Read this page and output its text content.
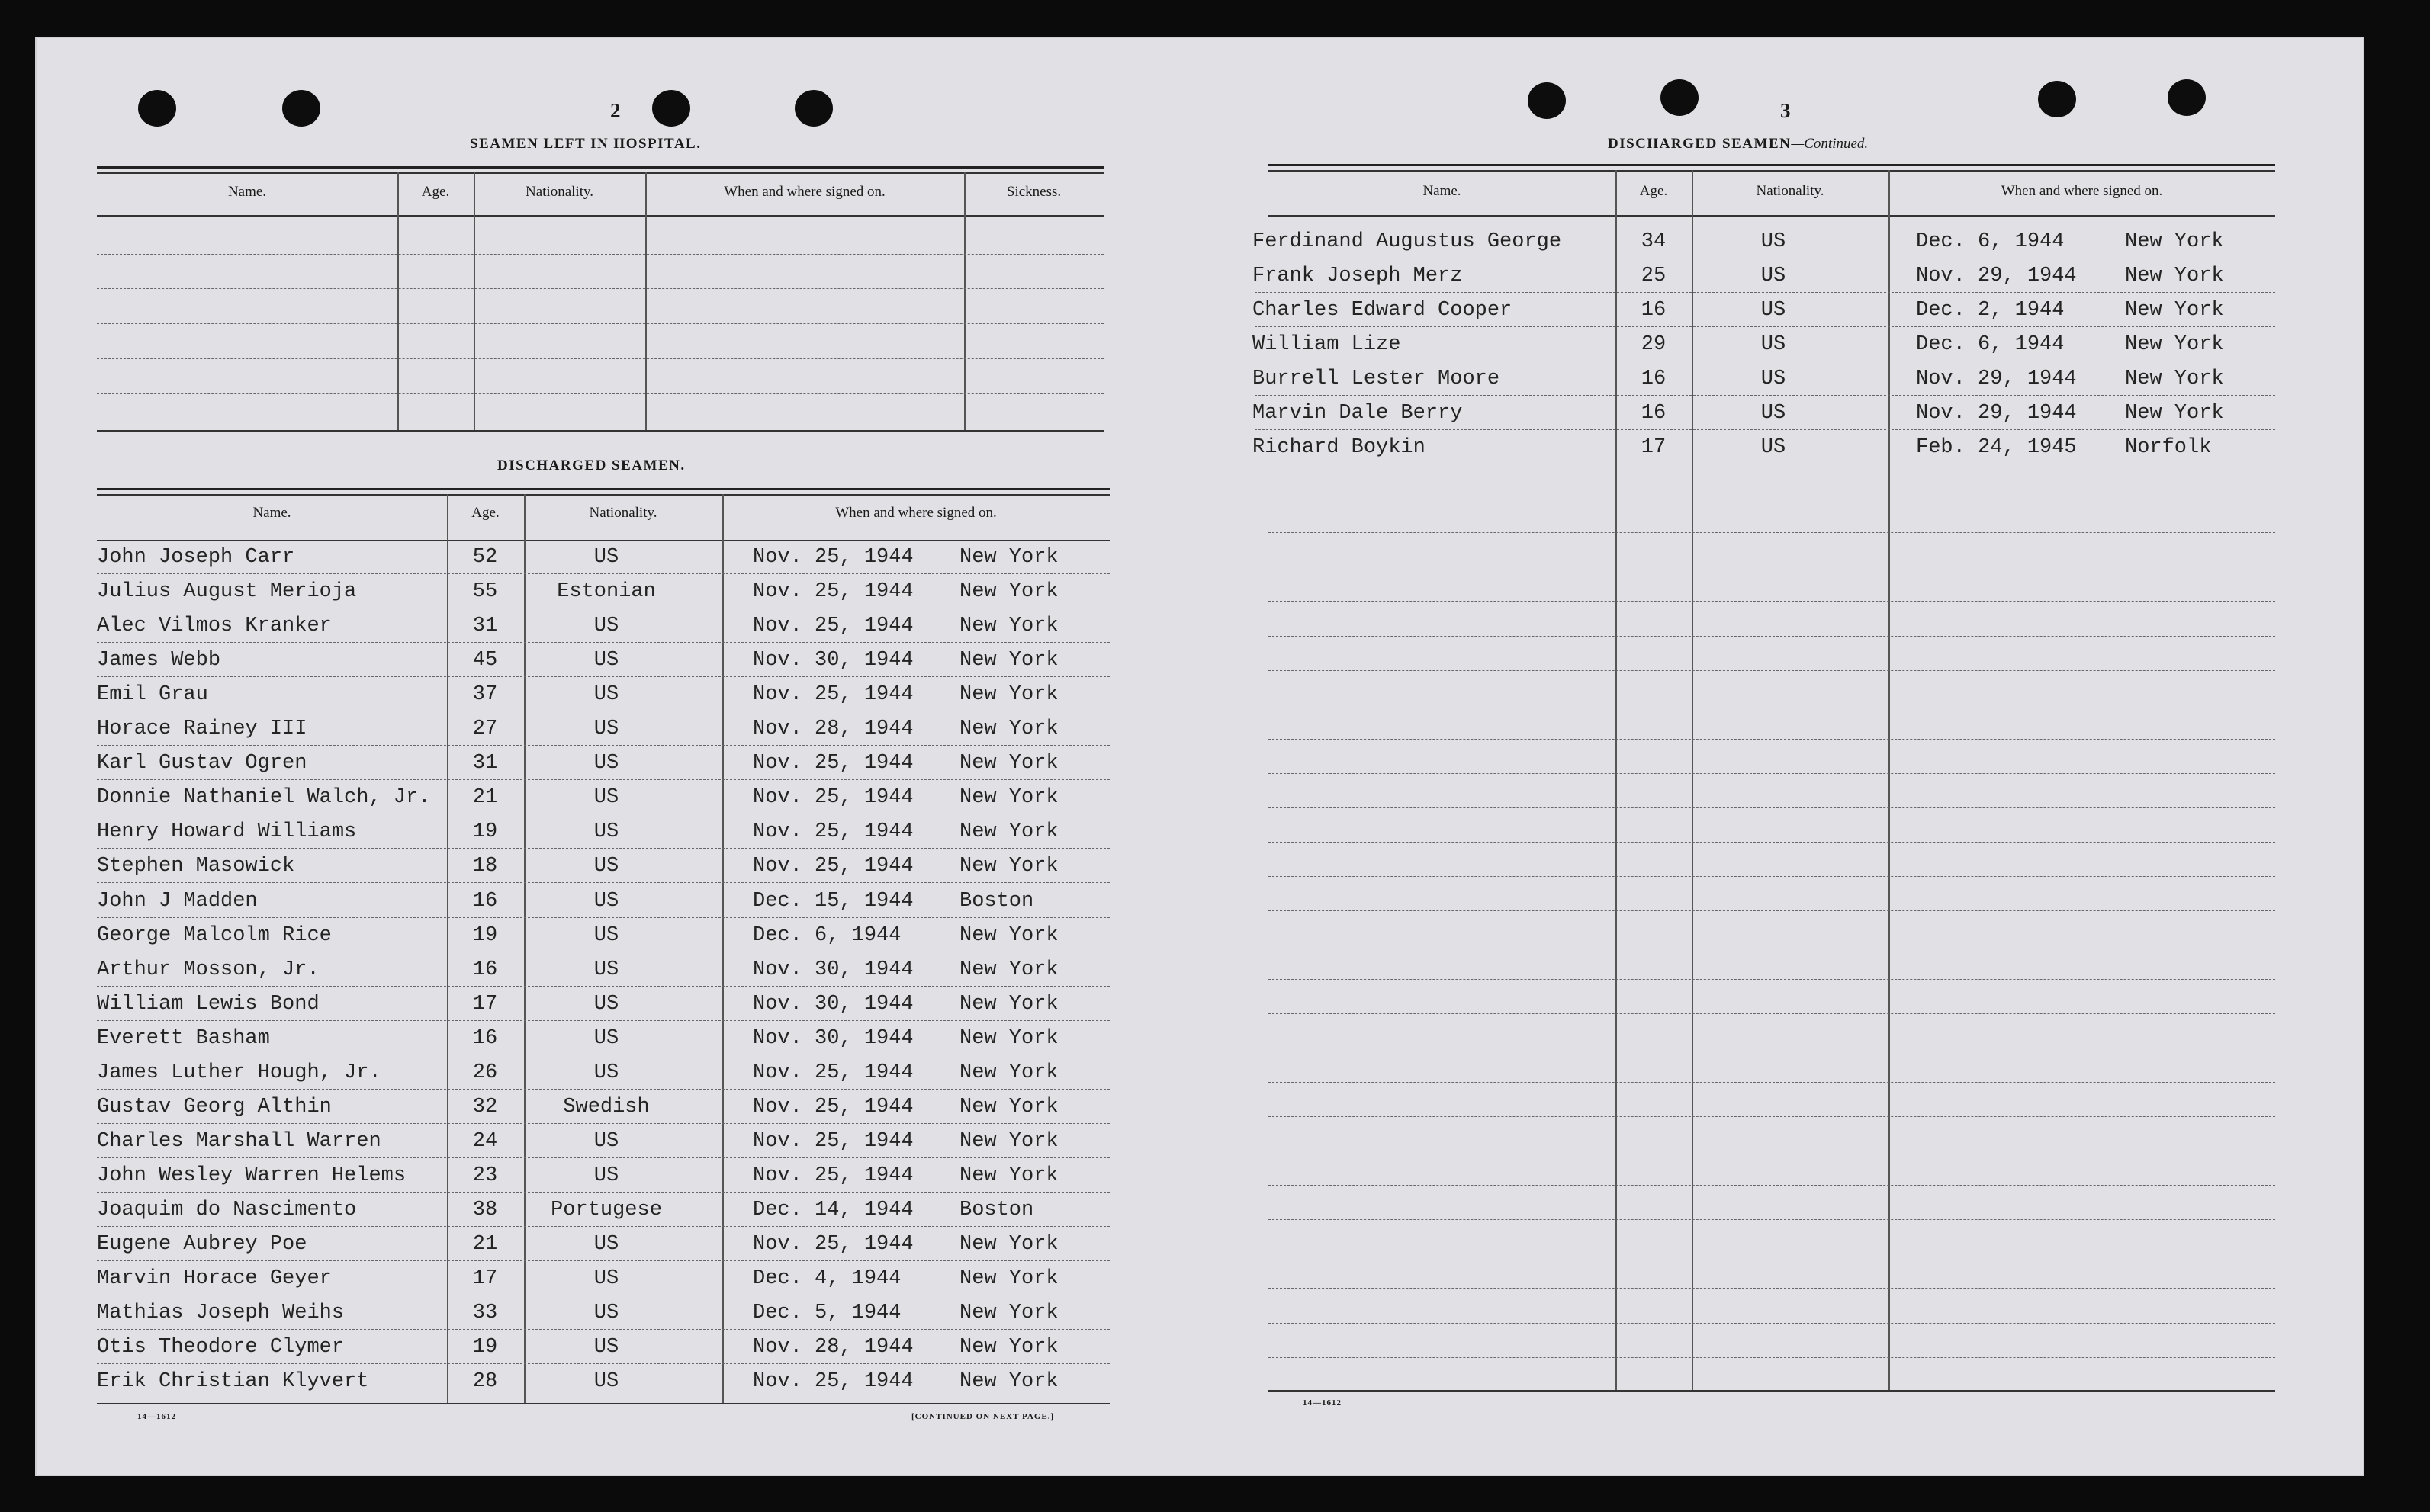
2
SEAMEN LEFT IN HOSPITAL.
Name.	Age.	Nationality.	When and where signed on.	Sickness.
DISCHARGED SEAMEN.
Name.	Age.	Nationality.	When and where signed on.
John Joseph Carr	52	US	Nov. 25, 1944 New York
Julius August Merioja	55	Estonian	Nov. 25, 1944 New York
Alec Vilmos Kranker	31	US	Nov. 25, 1944 New York
James Webb	45	US	Nov. 30, 1944 New York
Emil Grau	37	US	Nov. 25, 1944 New York
Horace Rainey III	27	US	Nov. 28, 1944 New York
Karl Gustav Ogren	31	US	Nov. 25, 1944 New York
Donnie Nathaniel Walch, Jr. 21	US	Nov. 25, 1944 New York
Henry Howard Williams	19	US	Nov. 25, 1944 New York
Stephen Masowick	18	US	Nov. 25, 1944 New York
John J Madden	16	US	Dec. 15, 1944 Boston
George Malcolm Rice	19	US	Dec. 6, 1944	New York
Arthur Mosson, Jr.	16	US	Nov. 30, 1944 New York
William Lewis Bond	17	US	Nov. 30, 1944 New York
Everett Basham	16	US	Nov. 30, 1944 New York
James Luther Hough, Jr.	26	US	Nov. 25, 1944 New York
Gustav Georg Althin	32	Swedish	Nov. 25, 1944 New York
Charles Marshall Warren	24	US	Nov. 25, 1944 New York
John Wesley Warren Helems	23	US	Nov. 25, 1944 New York
Joaquim do Nascimento	38	Portugese	Dec. 14, 1944 Boston
Eugene Aubrey Poe	21	US	Nov. 25, 1944 New York
Marvin Horace Geyer	17	US	Dec. 4, 1944	New York
Mathias Joseph Weihs	33	US	Dec. 5, 1944	New York
Otis Theodore Clymer	19	US	Nov. 28, 1944 New York
Erik Christian Klyvert	28	US	Nov. 25, 1944 New York
14—1612	[CONTINUED ON NEXT PAGE.]
3
DISCHARGED SEAMEN—Continued.
Name.	Age.	Nationality.	When and where signed on.
Ferdinand Augustus George	34	US	Dec. 6, 1944	New York
Frank Joseph Merz	25	US	Nov. 29, 1944 New York
Charles Edward Cooper	16	US	Dec. 2, 1944	New York
William Lize	29	US	Dec. 6, 1944	New York
Burrell Lester Moore	16	US	Nov. 29, 1944 New York
Marvin Dale Berry	16	US	Nov. 29, 1944 New York
Richard Boykin	17	US	Feb. 24, 1945 Norfolk
14—1612
